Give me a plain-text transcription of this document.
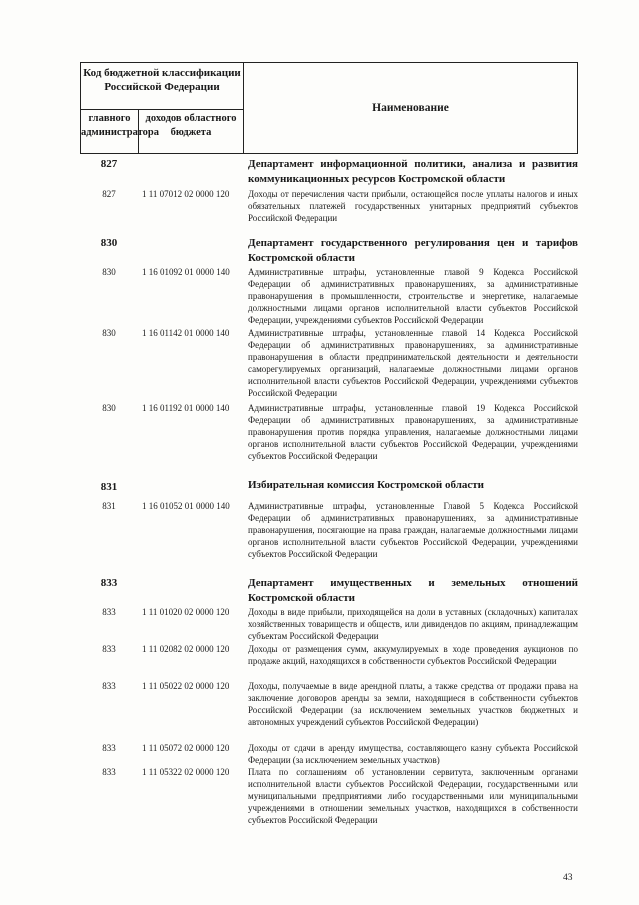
Код бюджетной классификации Российской Федерации
главного администратора
доходов областного бюджета
Наименование
827	Департамент информационной политики, анализа и развития коммуникационных ресурсов Костромской области
827	1 11 07012 02 0000 120	Доходы от перечисления части прибыли, остающейся после уплаты налогов и иных обязательных платежей государственных унитарных предприятий субъектов Российской Федерации
830	Департамент государственного регулирования цен и тарифов Костромской области
830	1 16 01092 01 0000 140	Административные штрафы, установленные главой 9 Кодекса Российской Федерации об административных правонарушениях, за административные правонарушения в промышленности, строительстве и энергетике, налагаемые должностными лицами органов исполнительной власти субъектов Российской Федерации, учреждениями субъектов Российской Федерации
830	1 16 01142 01 0000 140	Административные штрафы, установленные главой 14 Кодекса Российской Федерации об административных правонарушениях, за административные правонарушения в области предпринимательской деятельности и деятельности саморегулируемых организаций, налагаемые должностными лицами органов исполнительной власти субъектов Российской Федерации, учреждениями субъектов Российской Федерации
830	1 16 01192 01 0000 140	Административные штрафы, установленные главой 19 Кодекса Российской Федерации об административных правонарушениях, за административные правонарушения против порядка управления, налагаемые должностными лицами органов исполнительной власти субъектов Российской Федерации, учреждениями субъектов Российской Федерации
831	Избирательная комиссия Костромской области
831	1 16 01052 01 0000 140	Административные штрафы, установленные Главой 5 Кодекса Российской Федерации об административных правонарушениях, за административные правонарушения, посягающие на права граждан, налагаемые должностными лицами органов исполнительной власти субъектов Российской Федерации, учреждениями субъектов Российской Федерации
833	Департамент имущественных и земельных отношений Костромской области
833	1 11 01020 02 0000 120	Доходы в виде прибыли, приходящейся на доли в уставных (складочных) капиталах хозяйственных товариществ и обществ, или дивидендов по акциям, принадлежащим субъектам Российской Федерации
833	1 11 02082 02 0000 120	Доходы от размещения сумм, аккумулируемых в ходе проведения аукционов по продаже акций, находящихся в собственности субъектов Российской Федерации
833	1 11 05022 02 0000 120	Доходы, получаемые в виде арендной платы, а также средства от продажи права на заключение договоров аренды за земли, находящиеся в собственности субъектов Российской Федерации (за исключением земельных участков бюджетных и автономных учреждений субъектов Российской Федерации)
833	1 11 05072 02 0000 120	Доходы от сдачи в аренду имущества, составляющего казну субъекта Российской Федерации (за исключением земельных участков)
833	1 11 05322 02 0000 120	Плата по соглашениям об установлении сервитута, заключенным органами исполнительной власти субъектов Российской Федерации, государственными или муниципальными предприятиями либо государственными или муниципальными учреждениями в отношении земельных участков, находящихся в собственности субъектов Российской Федерации
43
